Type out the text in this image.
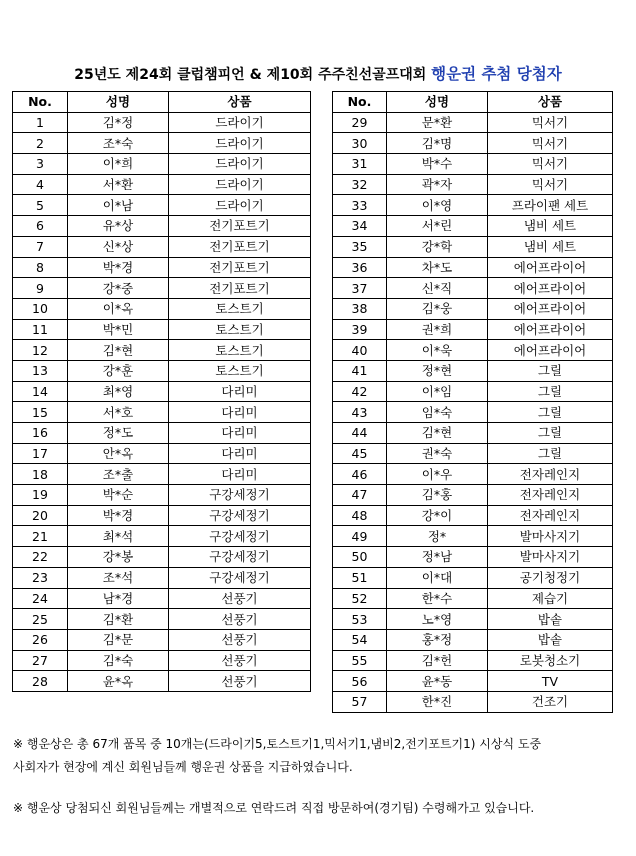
25년도 제24회 클럽챔피언 & 제10회 주주친선골프대회 행운권 추첨 당첨자
No.	성명	상품
1	김*정	드라이기
2	조*숙	드라이기
3	이*희	드라이기
4	서*환	드라이기
5	이*남	드라이기
6	유*상	전기포트기
7	신*상	전기포트기
8	박*경	전기포트기
9	강*중	전기포트기
10	이*옥	토스트기
11	박*민	토스트기
12	김*현	토스트기
13	강*훈	토스트기
14	최*영	다리미
15	서*호	다리미
16	정*도	다리미
17	안*옥	다리미
18	조*출	다리미
19	박*순	구강세정기
20	박*경	구강세정기
21	최*석	구강세정기
22	강*봉	구강세정기
23	조*석	구강세정기
24	남*경	선풍기
25	김*환	선풍기
26	김*문	선풍기
27	김*숙	선풍기
28	윤*옥	선풍기
No.	성명	상품
29	문*환	믹서기
30	김*명	믹서기
31	박*수	믹서기
32	곽*자	믹서기
33	이*영	프라이팬 세트
34	서*린	냄비 세트
35	강*학	냄비 세트
36	차*도	에어프라이어
37	신*직	에어프라이어
38	김*웅	에어프라이어
39	권*희	에어프라이어
40	이*욱	에어프라이어
41	정*현	그릴
42	이*임	그릴
43	임*숙	그릴
44	김*현	그릴
45	권*숙	그릴
46	이*우	전자레인지
47	김*홍	전자레인지
48	강*이	전자레인지
49	정*	발마사지기
50	정*남	발마사지기
51	이*대	공기청정기
52	한*수	제습기
53	노*영	밥솥
54	홍*정	밥솥
55	김*헌	로봇청소기
56	윤*동	TV
57	한*진	건조기
※ 행운상은 총 67개 품목 중 10개는(드라이기5,토스트기1,믹서기1,냄비2,전기포트기1) 시상식 도중
사회자가 현장에 계신 회원님들께 행운권 상품을 지급하였습니다.
※ 행운상 당첨되신 회원님들께는 개별적으로 연락드려 직접 방문하여(경기팀) 수령해가고 있습니다.
